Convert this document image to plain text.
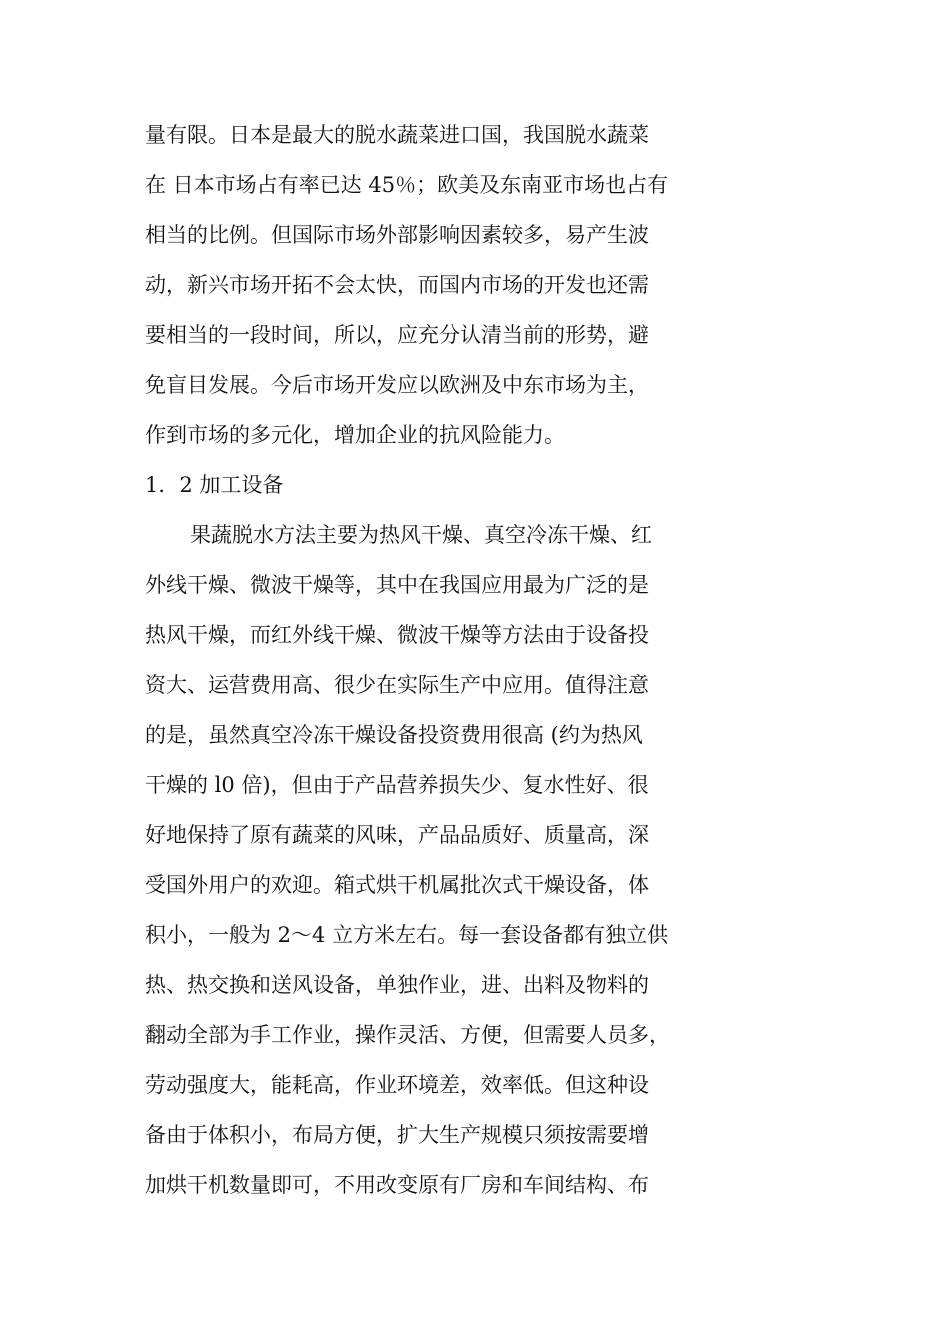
量有限。日本是最大的脱水蔬菜进口国，我国脱水蔬菜
在 日本市场占有率已达 45％；欧美及东南亚市场也占有
相当的比例。但国际市场外部影响因素较多，易产生波
动，新兴市场开拓不会太快，而国内市场的开发也还需
要相当的一段时间，所以，应充分认清当前的形势，避
免盲目发展。今后市场开发应以欧洲及中东市场为主，
作到市场的多元化，增加企业的抗风险能力。
1．2 加工设备
果蔬脱水方法主要为热风干燥、真空冷冻干燥、红
外线干燥、微波干燥等，其中在我国应用最为广泛的是
热风干燥，而红外线干燥、微波干燥等方法由于设备投
资大、运营费用高、很少在实际生产中应用。值得注意
的是，虽然真空冷冻干燥设备投资费用很高 (约为热风
干燥的 l0 倍)，但由于产品营养损失少、复水性好、很
好地保持了原有蔬菜的风味，产品品质好、质量高，深
受国外用户的欢迎。箱式烘干机属批次式干燥设备，体
积小，一般为 2～4 立方米左右。每一套设备都有独立供
热、热交换和送风设备，单独作业，进、出料及物料的
翻动全部为手工作业，操作灵活、方便，但需要人员多，
劳动强度大，能耗高，作业环境差，效率低。但这种设
备由于体积小，布局方便，扩大生产规模只须按需要增
加烘干机数量即可，不用改变原有厂房和车间结构、布
